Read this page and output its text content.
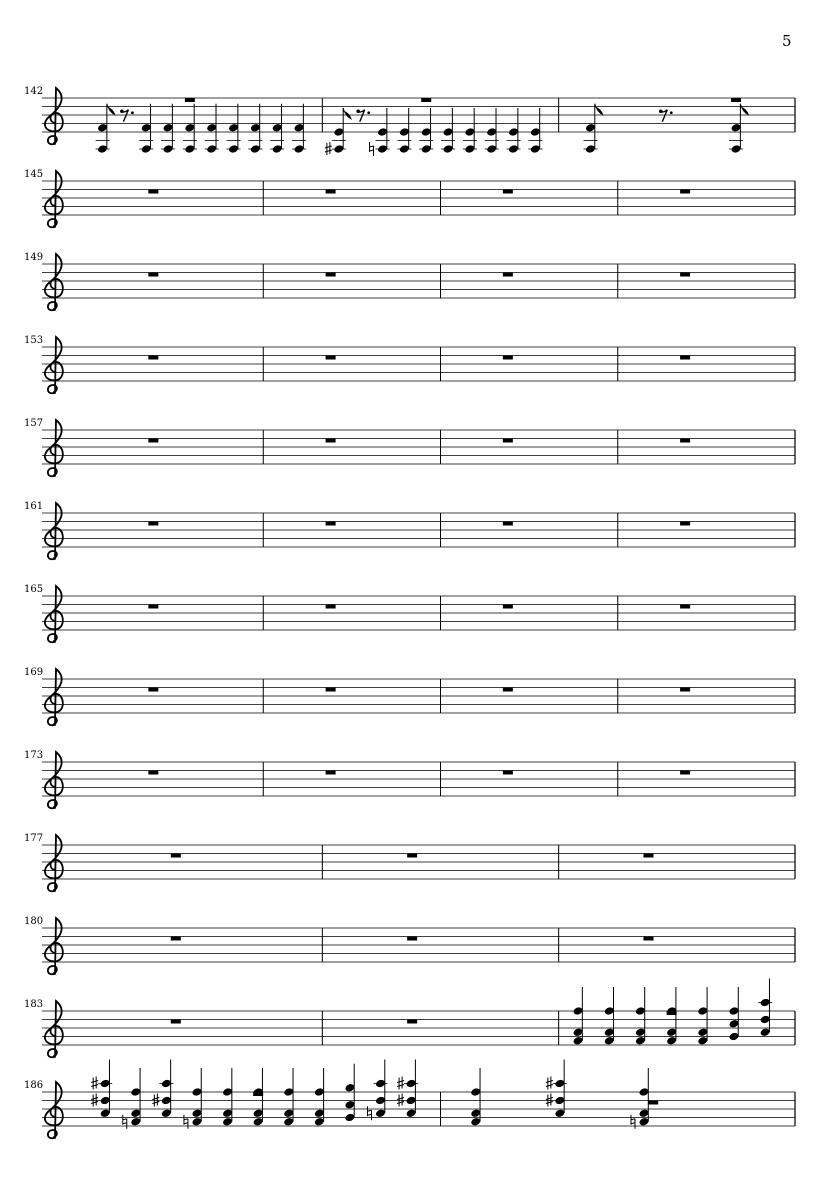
5
142
145
149
153
157
161
165
169
173
177
180
183
186
